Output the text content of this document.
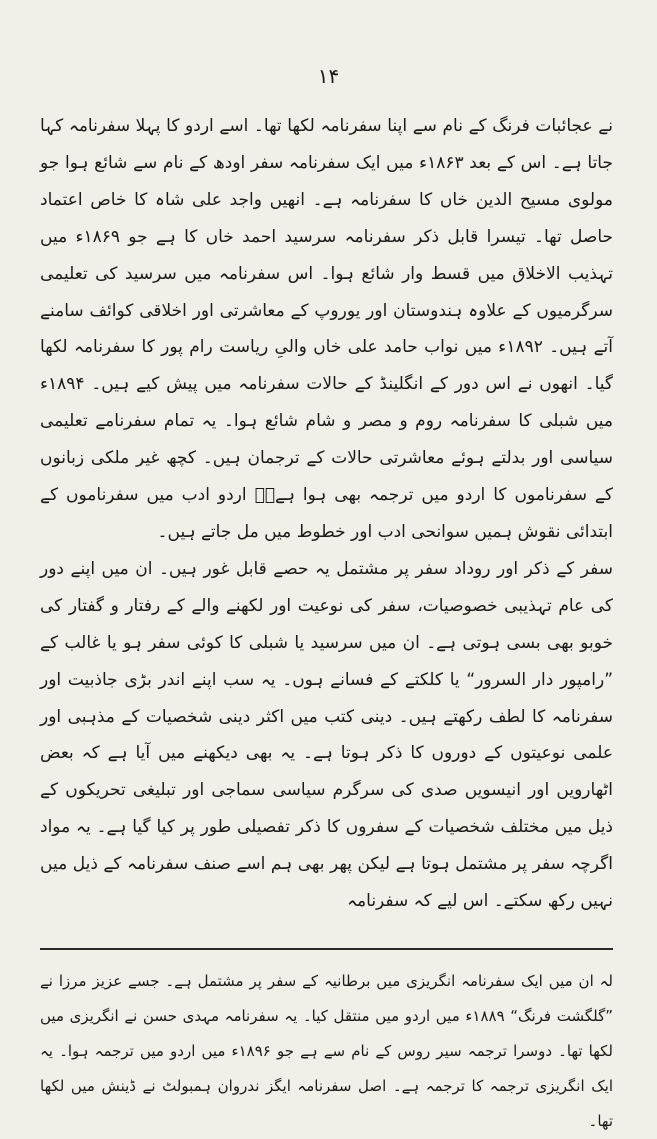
۱۴

نے عجائبات فرنگ کے نام سے اپنا سفرنامہ لکھا تھا۔ اسے اردو کا پہلا سفرنامہ کہا جاتا ہے۔ اس کے بعد ۱۸۶۳ء میں ایک سفرنامہ سفر اودھ کے نام سے شائع ہوا جو مولوی مسیح الدین خاں کا سفرنامہ ہے۔ انھیں واجد علی شاہ کا خاص اعتماد حاصل تھا۔ تیسرا قابل ذکر سفرنامہ سرسید احمد خاں کا ہے جو ۱۸۶۹ء میں تہذیب الاخلاق میں قسط وار شائع ہوا۔ اس سفرنامہ میں سرسید کی تعلیمی سرگرمیوں کے علاوہ ہندوستان اور یوروپ کے معاشرتی اور اخلاقی کوائف سامنے آتے ہیں۔ ۱۸۹۲ء میں نواب حامد علی خاں والیِ ریاست رام پور کا سفرنامہ لکھا گیا۔ انھوں نے اس دور کے انگلینڈ کے حالات سفرنامہ میں پیش کیے ہیں۔ ۱۸۹۴ء میں شبلی کا سفرنامہ روم و مصر و شام شائع ہوا۔ یہ تمام سفرنامے تعلیمی سیاسی اور بدلتے ہوئے معاشرتی حالات کے ترجمان ہیں۔ کچھ غیر ملکی زبانوں کے سفرناموں کا اردو میں ترجمہ بھی ہوا ہے۔ؔ اردو ادب میں سفرناموں کے ابتدائی نقوش ہمیں سوانحی ادب اور خطوط میں مل جاتے ہیں۔

سفر کے ذکر اور روداد سفر پر مشتمل یہ حصے قابل غور ہیں۔ ان میں اپنے دور کی عام تہذیبی خصوصیات، سفر کی نوعیت اور لکھنے والے کے رفتار و گفتار کی خوبو بھی بسی ہوتی ہے۔ ان میں سرسید یا شبلی کا کوئی سفر ہو یا غالب کے ”رامپور دار السرور“ یا کلکتے کے فسانے ہوں۔ یہ سب اپنے اندر بڑی جاذبیت اور سفرنامہ کا لطف رکھتے ہیں۔ دینی کتب میں اکثر دینی شخصیات کے مذہبی اور علمی نوعیتوں کے دوروں کا ذکر ہوتا ہے۔ یہ بھی دیکھنے میں آیا ہے کہ بعض اٹھارویں اور انیسویں صدی کی سرگرم سیاسی سماجی اور تبلیغی تحریکوں کے ذیل میں مختلف شخصیات کے سفروں کا ذکر تفصیلی طور پر کیا گیا ہے۔ یہ مواد اگرچہ سفر پر مشتمل ہوتا ہے لیکن پھر بھی ہم اسے صنف سفرنامہ کے ذیل میں نہیں رکھ سکتے۔ اس لیے کہ سفرنامہ

لہ ان میں ایک سفرنامہ انگریزی میں برطانیہ کے سفر پر مشتمل ہے۔ جسے عزیز مرزا نے ”گلگشت فرنگ“ ۱۸۸۹ء میں اردو میں منتقل کیا۔ یہ سفرنامہ مہدی حسن نے انگریزی میں لکھا تھا۔ دوسرا ترجمہ سیر روس کے نام سے ہے جو ۱۸۹۶ء میں اردو میں ترجمہ ہوا۔ یہ ایک انگریزی ترجمہ کا ترجمہ ہے۔ اصل سفرنامہ ایگز ندروان ہمبولٹ نے ڈینش میں لکھا تھا۔
